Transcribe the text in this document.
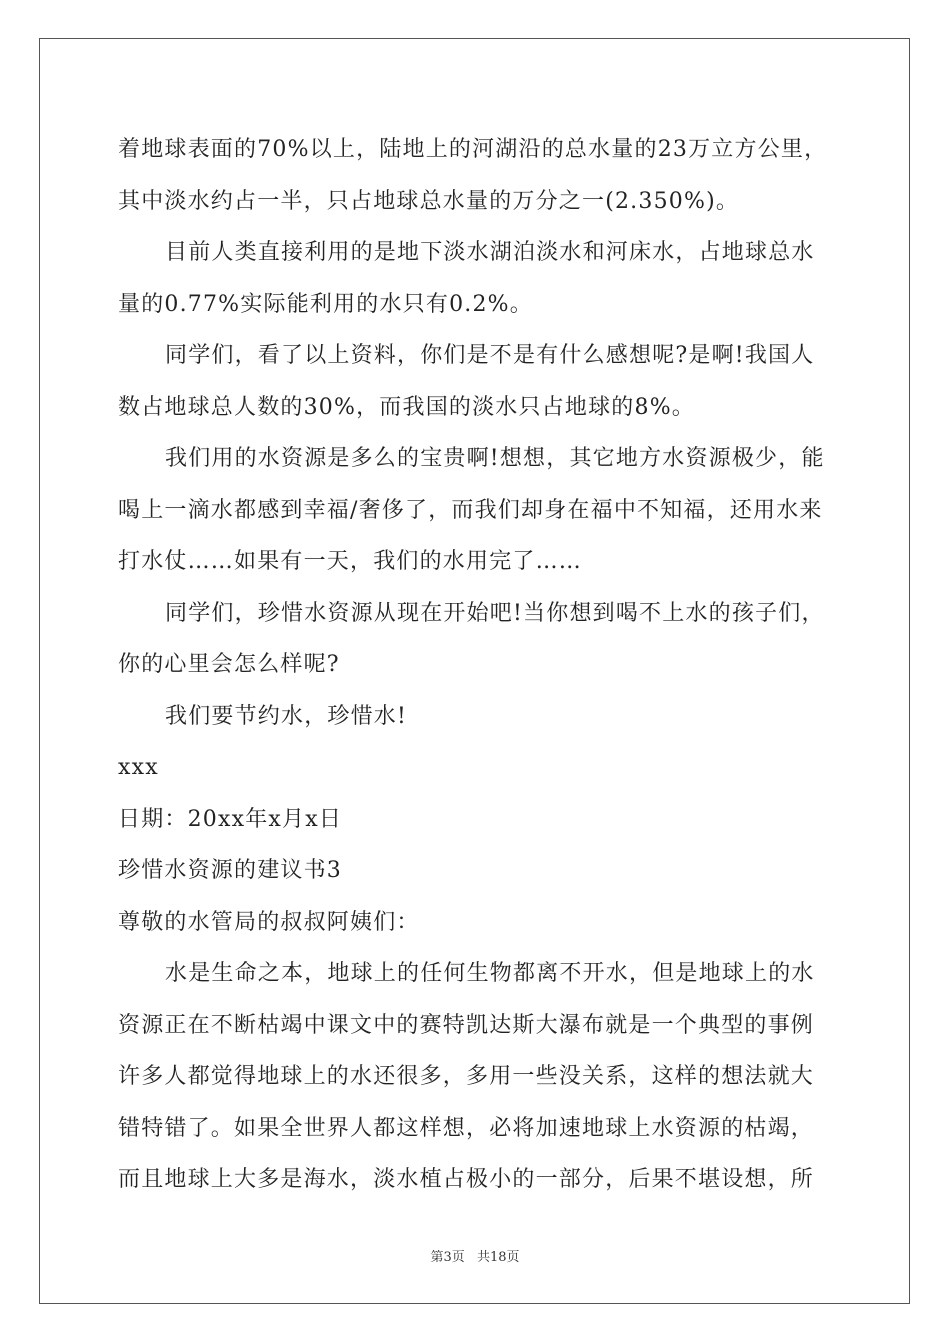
着地球表面的70%以上，陆地上的河湖沿的总水量的23万立方公里，其中淡水约占一半，只占地球总水量的万分之一(2.350%)。

目前人类直接利用的是地下淡水湖泊淡水和河床水，占地球总水量的0.77%实际能利用的水只有0.2%。

同学们，看了以上资料，你们是不是有什么感想呢?是啊!我国人数占地球总人数的30%，而我国的淡水只占地球的8%。

我们用的水资源是多么的宝贵啊!想想，其它地方水资源极少，能喝上一滴水都感到幸福/奢侈了，而我们却身在福中不知福，还用水来打水仗……如果有一天，我们的水用完了……

同学们，珍惜水资源从现在开始吧!当你想到喝不上水的孩子们，你的心里会怎么样呢?

我们要节约水，珍惜水!

xxx

日期：20xx年x月x日

珍惜水资源的建议书3

尊敬的水管局的叔叔阿姨们：

水是生命之本，地球上的任何生物都离不开水，但是地球上的水资源正在不断枯竭中课文中的赛特凯达斯大瀑布就是一个典型的事例许多人都觉得地球上的水还很多，多用一些没关系，这样的想法就大错特错了。如果全世界人都这样想，必将加速地球上水资源的枯竭，而且地球上大多是海水，淡水植占极小的一部分，后果不堪设想，所

第3页 共18页
